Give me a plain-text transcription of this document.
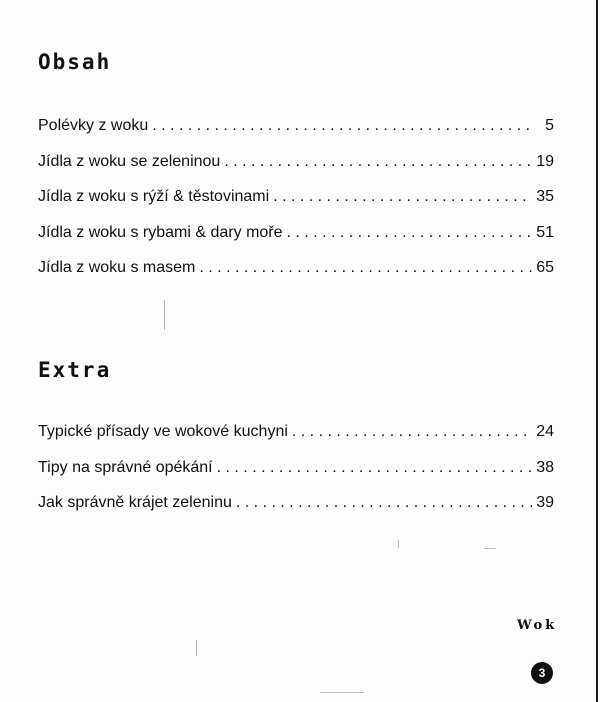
Obsah
Polévky z woku . . .	5
Jídla z woku se zeleninou . . .	19
Jídla z woku s rýží & těstovinami . . .	35
Jídla z woku s rybami & dary moře . . .	51
Jídla z woku s masem . . .	65
Extra
Typické přísady ve wokové kuchyni . . .	24
Tipy na správné opékání . . .	38
Jak správně krájet zeleninu . . .	39
Wok
3
